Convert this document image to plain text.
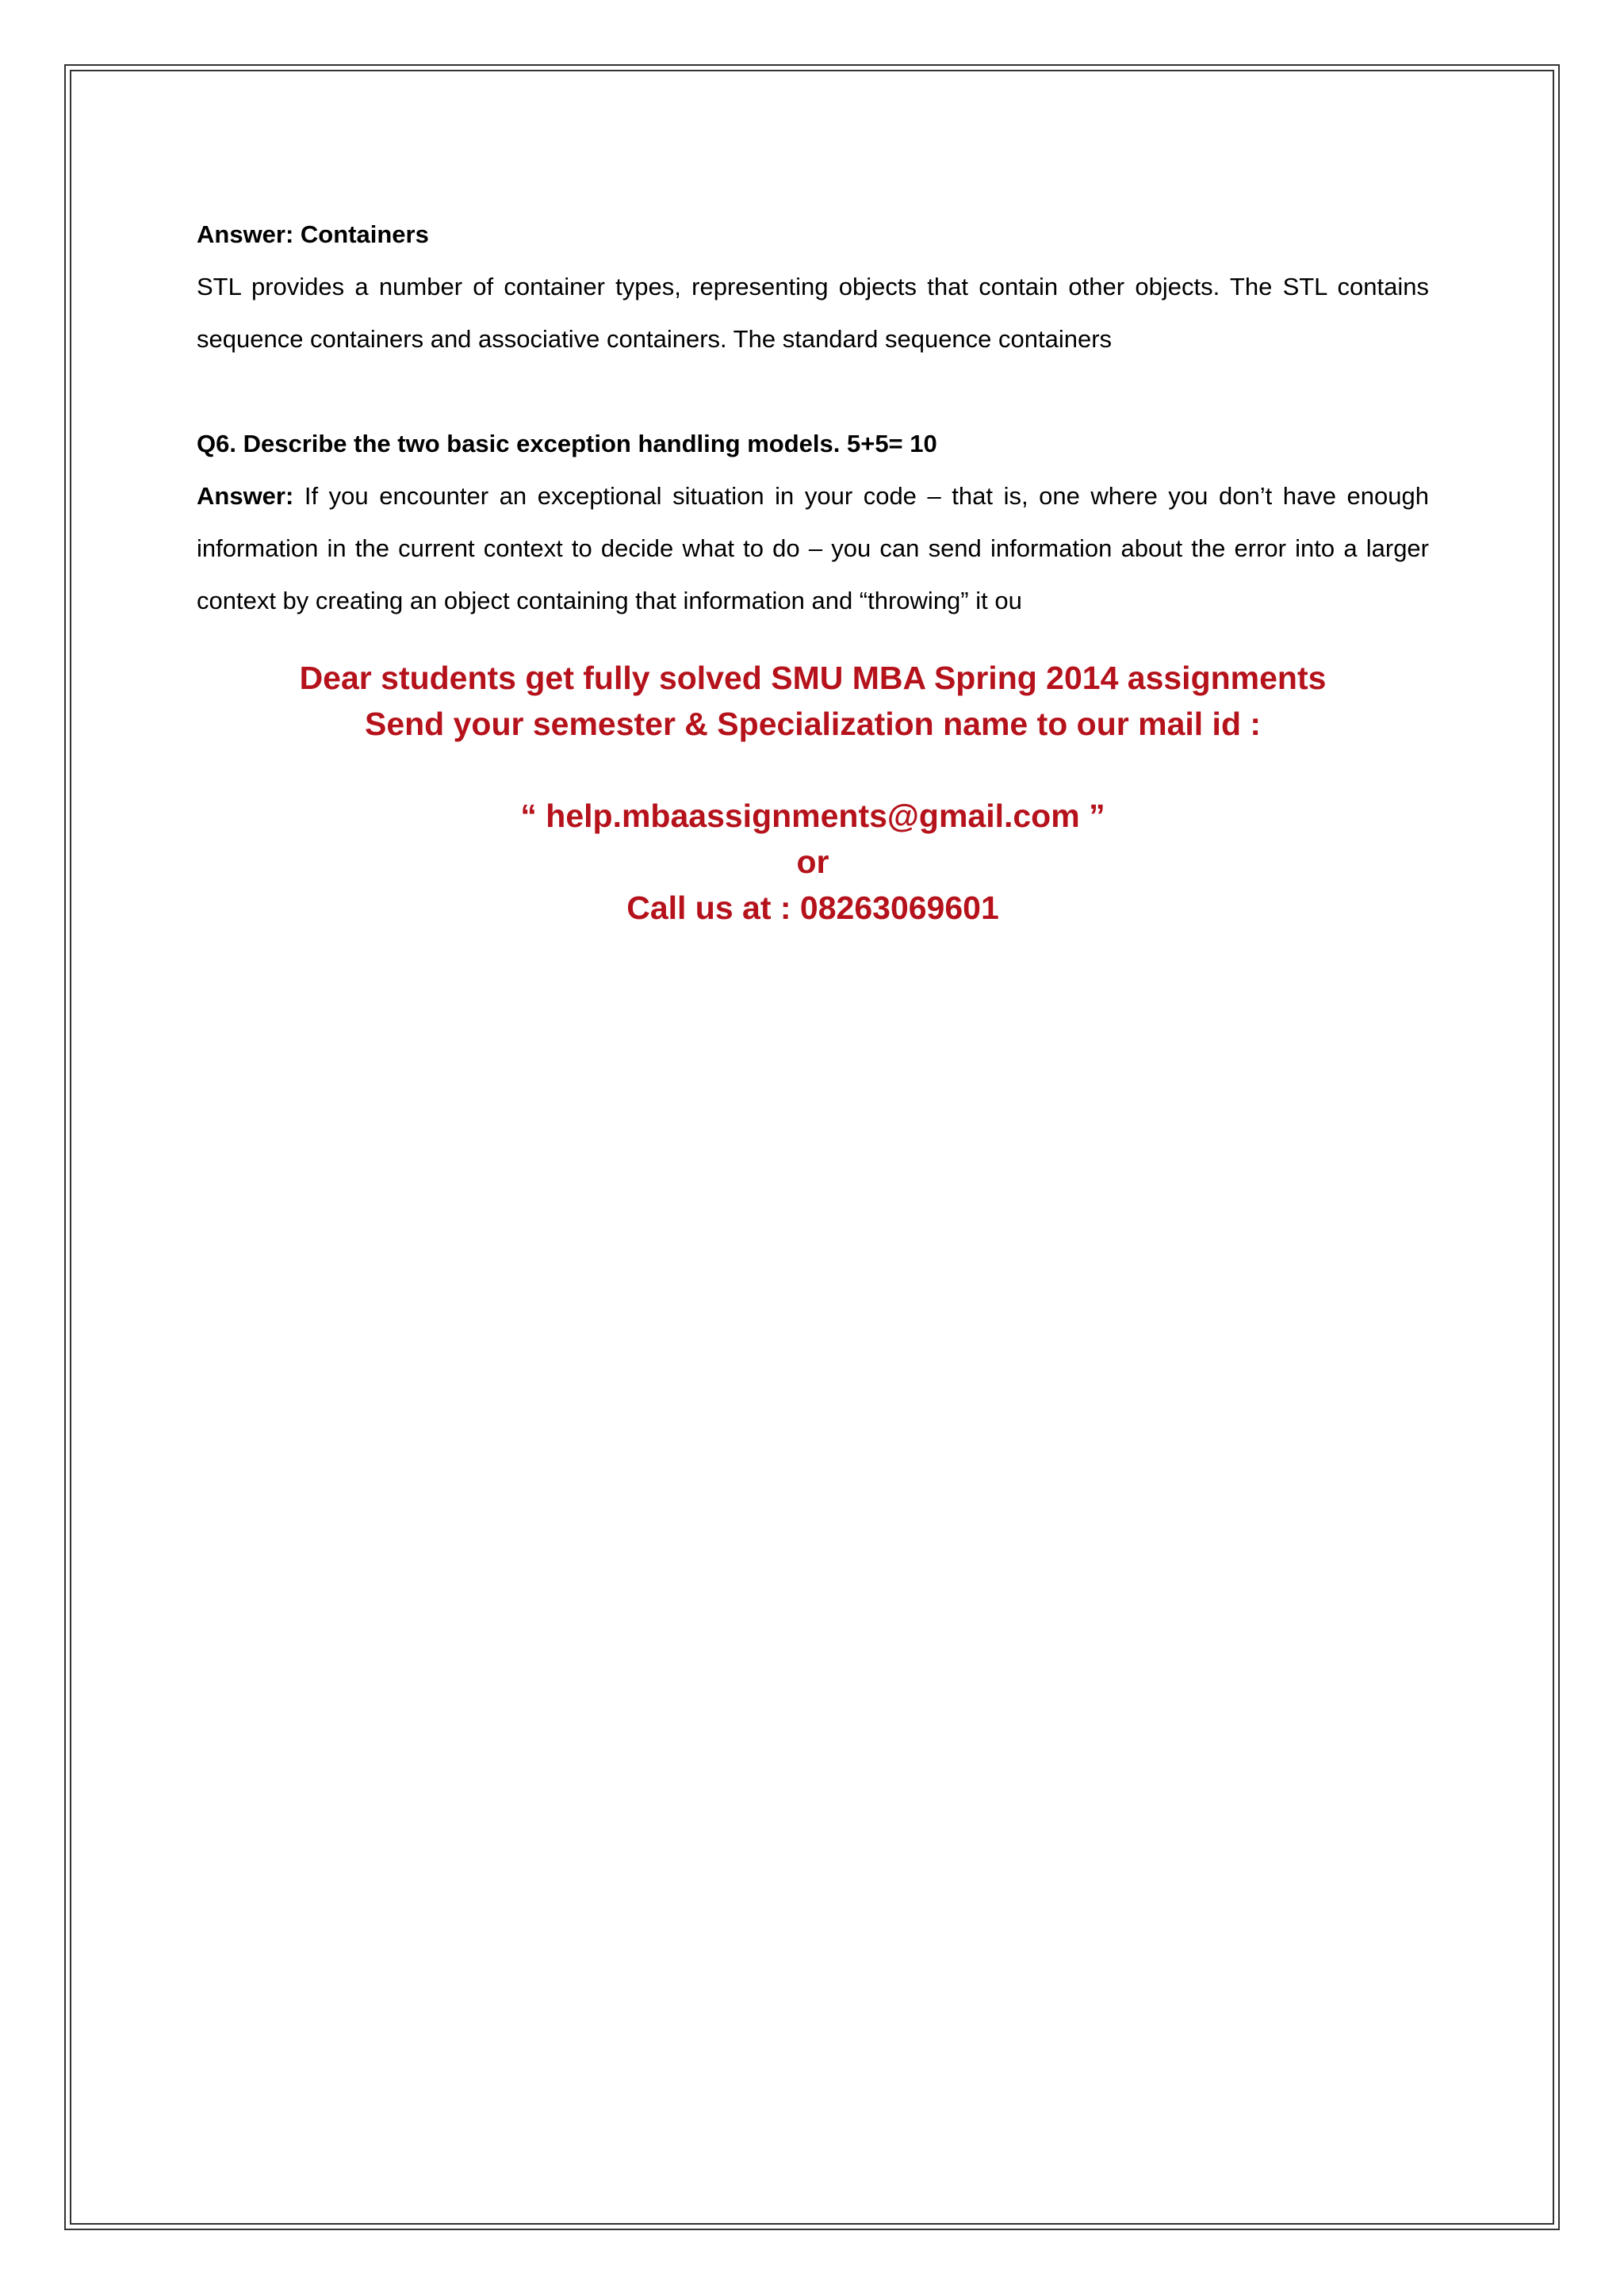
Answer: Containers

STL provides a number of container types, representing objects that contain other objects. The STL contains sequence containers and associative containers. The standard sequence containers

Q6. Describe the two basic exception handling models. 5+5= 10

Answer: If you encounter an exceptional situation in your code – that is, one where you don’t have enough information in the current context to decide what to do – you can send information about the error into a larger context by creating an object containing that information and “throwing” it ou

Dear students get fully solved SMU MBA Spring 2014 assignments
Send your semester & Specialization name to our mail id :
“ help.mbaassignments@gmail.com ”
or
Call us at : 08263069601
